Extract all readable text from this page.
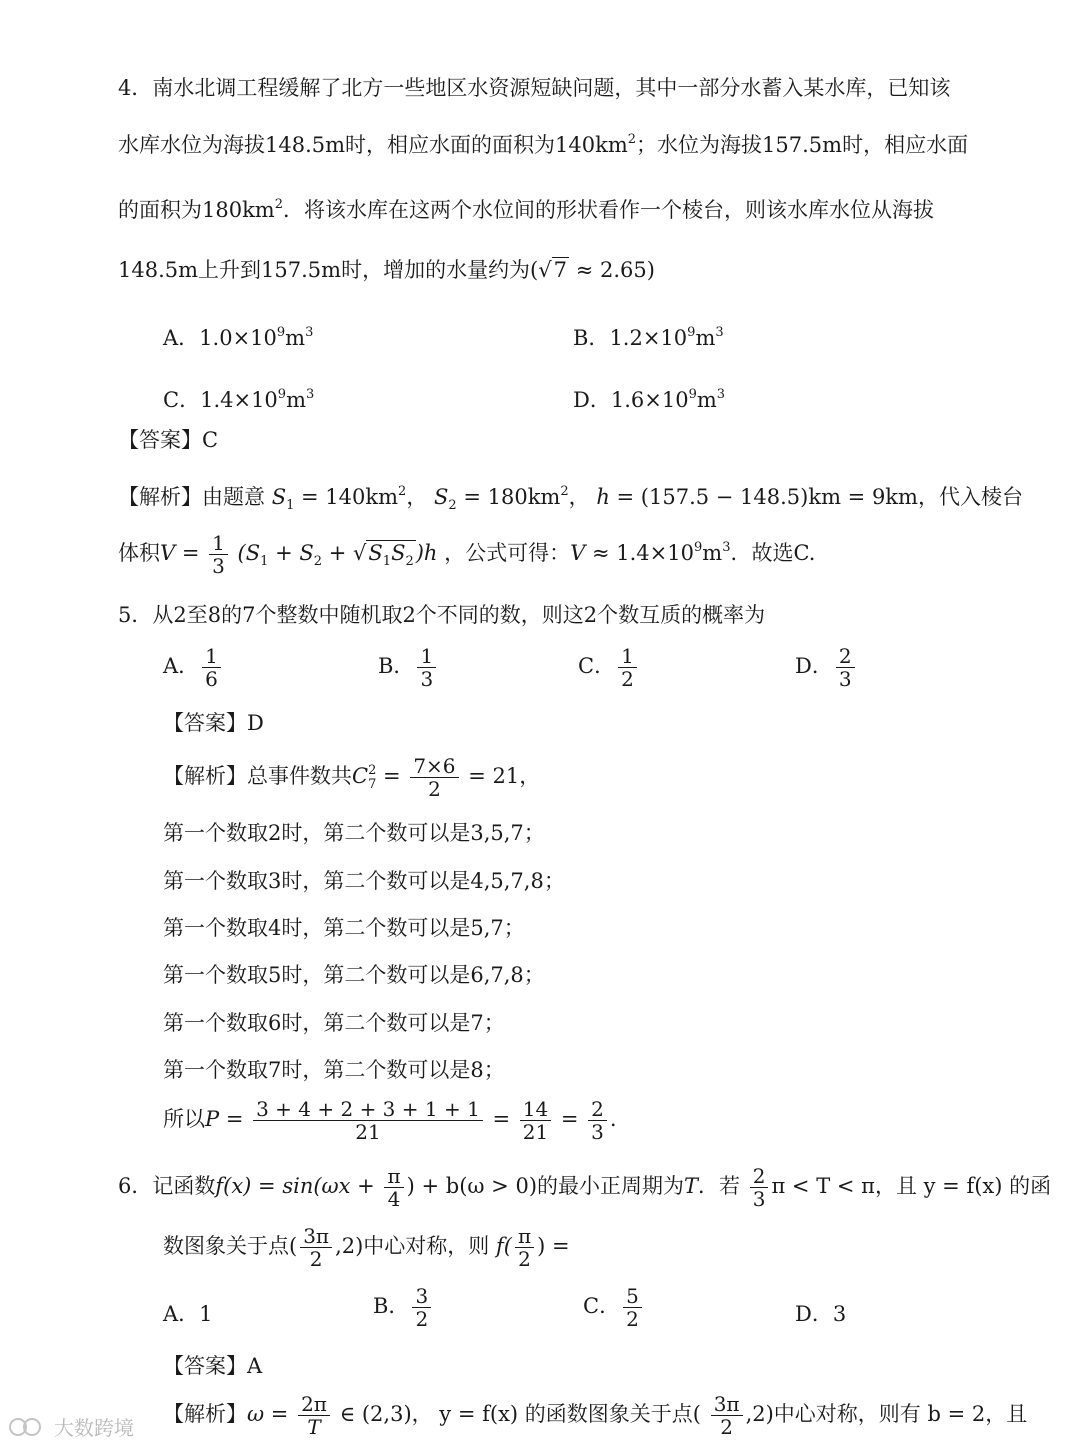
4．南水北调工程缓解了北方一些地区水资源短缺问题，其中一部分水蓄入某水库，已知该
水库水位为海拔148.5m时，相应水面的面积为$140km^2$；水位为海拔157.5m时，相应水面
的面积为$180km^2$．将该水库在这两个水位间的形状看作一个棱台，则该水库水位从海拔
148.5m上升到157.5m时，增加的水量约为(√7 ≈ 2.65)
A．$1.0\times 10^9m^3$	B．$1.2\times 10^9m^3$
C．$1.4\times 10^9m^3$	D．$1.6\times 10^9m^3$
【答案】C
【解析】由题意 $S_1 = 140km^2$， $S_2 = 180km^2$， h = (157.5 − 148.5)km = 9km，代入棱台
体积$V = \frac{1}{3} (S_1 + S_2 + √S_1S_2)h$ ，公式可得：$V \approx 1.4\times 10^9m^3$．故选C.
5．从2至8的7个整数中随机取2个不同的数，则这2个数互质的概率为
A． $\frac{1}{6}$	B． $\frac{1}{3}$	C． $\frac{1}{2}$	D． $\frac{2}{3}$
【答案】D
【解析】总事件数共C 2
$7 = \frac{7\times 6}{2} = 21$，
第一个数取2时，第二个数可以是3,5,7；
第一个数取3时，第二个数可以是4,5,7,8；
第一个数取4时，第二个数可以是5,7；
第一个数取5时，第二个数可以是6,7,8；
第一个数取6时，第二个数可以是7；
第一个数取7时，第二个数可以是8；
所以$P = \frac{3 + 4 + 2 + 3 + 1 + 1}{21} = \frac{14}{21} = \frac{2}{3}$ .
6．记函数$f(x) = \sin(\omega x + \frac{\pi}{4}$ ) + b(ω > 0)的最小正周期为T．若 $\frac{2}{3}$ π < T < π，且 y = f(x) 的函
数图象关于点( $\frac{3\pi}{2} ,2$)中心对称，则 $f( \frac{\pi}{2}$ ) =
A．1	B． $\frac{3}{2}$	C． $\frac{5}{2}$	D．3
【答案】A
【解析】$\omega = \frac{2\pi}{T}$ ∈ (2,3)， y = f(x) 的函数图象关于点( $\frac{3\pi}{2} ,2$)中心对称，则有 b = 2，且
大数跨境
